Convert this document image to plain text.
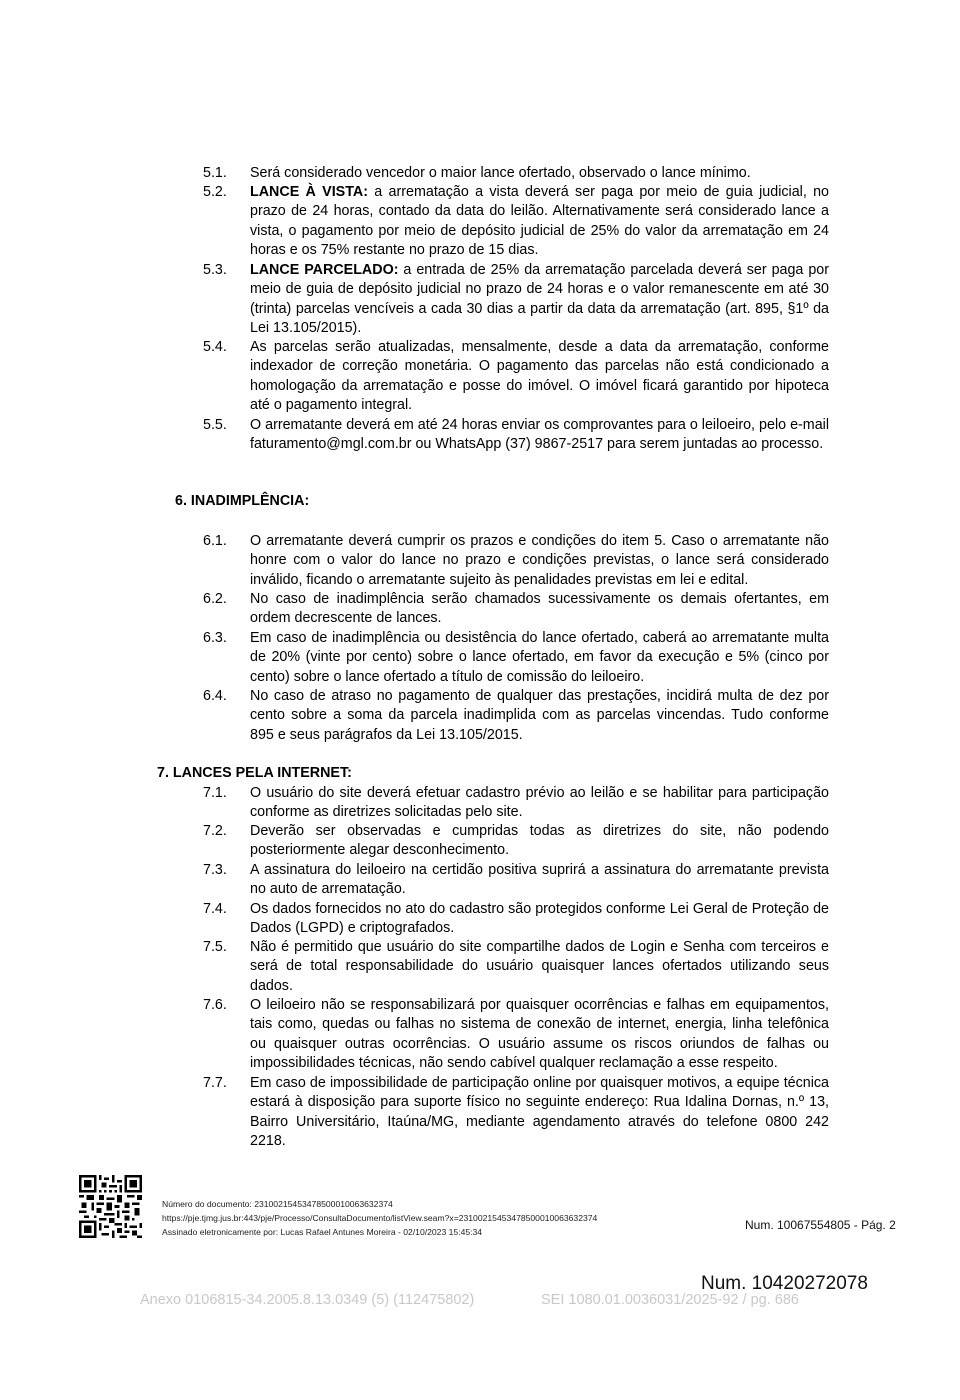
5.1.	Será considerado vencedor o maior lance ofertado, observado o lance mínimo.
5.2.	LANCE À VISTA: a arrematação a vista deverá ser paga por meio de guia judicial, no prazo de 24 horas, contado da data do leilão. Alternativamente será considerado lance a vista, o pagamento por meio de depósito judicial de 25% do valor da arrematação em 24 horas e os 75% restante no prazo de 15 dias.
5.3.	LANCE PARCELADO: a entrada de 25% da arrematação parcelada deverá ser paga por meio de guia de depósito judicial no prazo de 24 horas e o valor remanescente em até 30 (trinta) parcelas vencíveis a cada 30 dias a partir da data da arrematação (art. 895, §1º da Lei 13.105/2015).
5.4.	As parcelas serão atualizadas, mensalmente, desde a data da arrematação, conforme indexador de correção monetária. O pagamento das parcelas não está condicionado a homologação da arrematação e posse do imóvel. O imóvel ficará garantido por hipoteca até o pagamento integral.
5.5.	O arrematante deverá em até 24 horas enviar os comprovantes para o leiloeiro, pelo e-mail faturamento@mgl.com.br ou WhatsApp (37) 9867-2517 para serem juntadas ao processo.
6. INADIMPLÊNCIA:
6.1.	O arrematante deverá cumprir os prazos e condições do item 5. Caso o arrematante não honre com o valor do lance no prazo e condições previstas, o lance será considerado inválido, ficando o arrematante sujeito às penalidades previstas em lei e edital.
6.2.	No caso de inadimplência serão chamados sucessivamente os demais ofertantes, em ordem decrescente de lances.
6.3.	Em caso de inadimplência ou desistência do lance ofertado, caberá ao arrematante multa de 20% (vinte por cento) sobre o lance ofertado, em favor da execução e 5% (cinco por cento) sobre o lance ofertado a título de comissão do leiloeiro.
6.4.	No caso de atraso no pagamento de qualquer das prestações, incidirá multa de dez por cento sobre a soma da parcela inadimplida com as parcelas vincendas. Tudo conforme 895 e seus parágrafos da Lei 13.105/2015.
7. LANCES PELA INTERNET:
7.1.	O usuário do site deverá efetuar cadastro prévio ao leilão e se habilitar para participação conforme as diretrizes solicitadas pelo site.
7.2.	Deverão ser observadas e cumpridas todas as diretrizes do site, não podendo posteriormente alegar desconhecimento.
7.3.	A assinatura do leiloeiro na certidão positiva suprirá a assinatura do arrematante prevista no auto de arrematação.
7.4.	Os dados fornecidos no ato do cadastro são protegidos conforme Lei Geral de Proteção de Dados (LGPD) e criptografados.
7.5.	Não é permitido que usuário do site compartilhe dados de Login e Senha com terceiros e será de total responsabilidade do usuário quaisquer lances ofertados utilizando seus dados.
7.6.	O leiloeiro não se responsabilizará por quaisquer ocorrências e falhas em equipamentos, tais como, quedas ou falhas no sistema de conexão de internet, energia, linha telefônica ou quaisquer outras ocorrências. O usuário assume os riscos oriundos de falhas ou impossibilidades técnicas, não sendo cabível qualquer reclamação a esse respeito.
7.7.	Em caso de impossibilidade de participação online por quaisquer motivos, a equipe técnica estará à disposição para suporte físico no seguinte endereço: Rua Idalina Dornas, n.º 13, Bairro Universitário, Itaúna/MG, mediante agendamento através do telefone 0800 242 2218.
Número do documento: 23100215453478500010063632374
https://pje.tjmg.jus.br:443/pje/Processo/ConsultaDocumento/listView.seam?x=23100215453478500010063632374
Assinado eletronicamente por: Lucas Rafael Antunes Moreira - 02/10/2023 15:45:34	Num. 10067554805 - Pág. 2
Num. 10420272078
Anexo 0106815-34.2005.8.13.0349 (5) (112475802)	SEI 1080.01.0036031/2025-92 / pg. 686
